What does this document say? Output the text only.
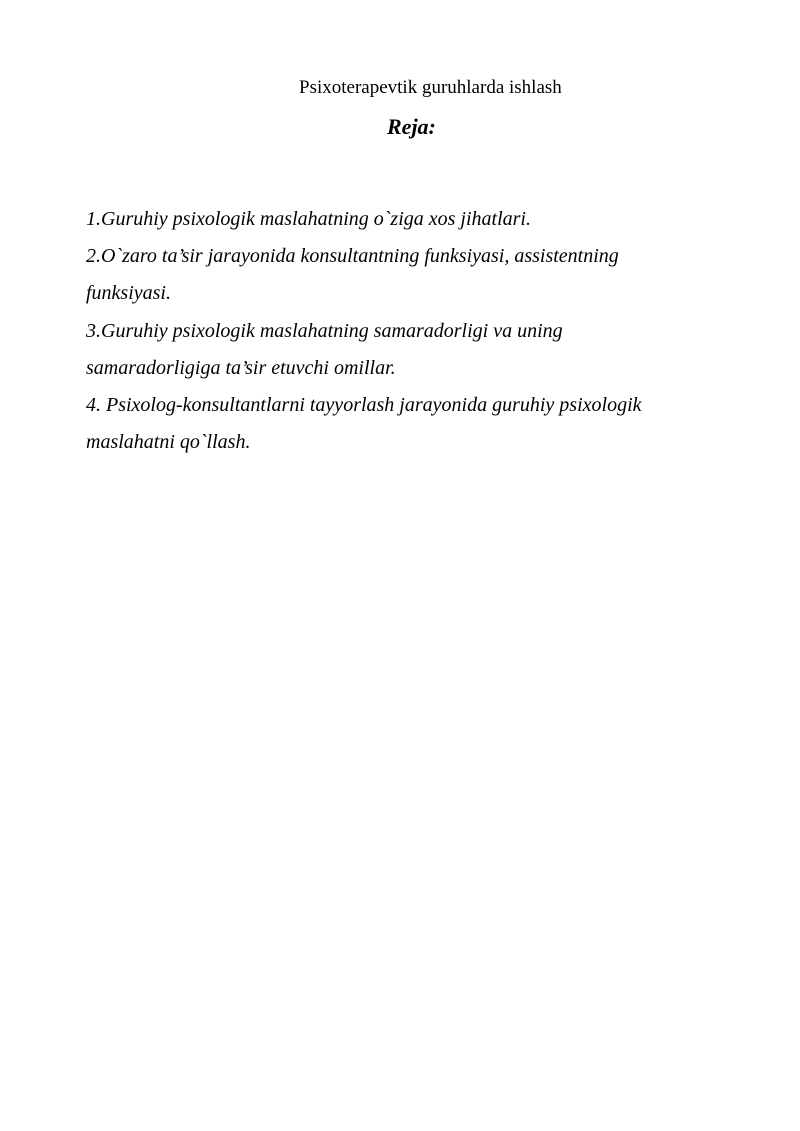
Psixoterapevtik guruhlarda ishlash
Reja:

1.Guruhiy psixologik maslahatning o`ziga xos jihatlari.

2.O`zaro ta’sir jarayonida konsultantning funksiyasi, assistentning

funksiyasi.

3.Guruhiy psixologik maslahatning samaradorligi va uning

samaradorligiga ta’sir etuvchi omillar.

4. Psixolog-konsultantlarni tayyorlash jarayonida guruhiy psixologik

maslahatni qo`llash.
